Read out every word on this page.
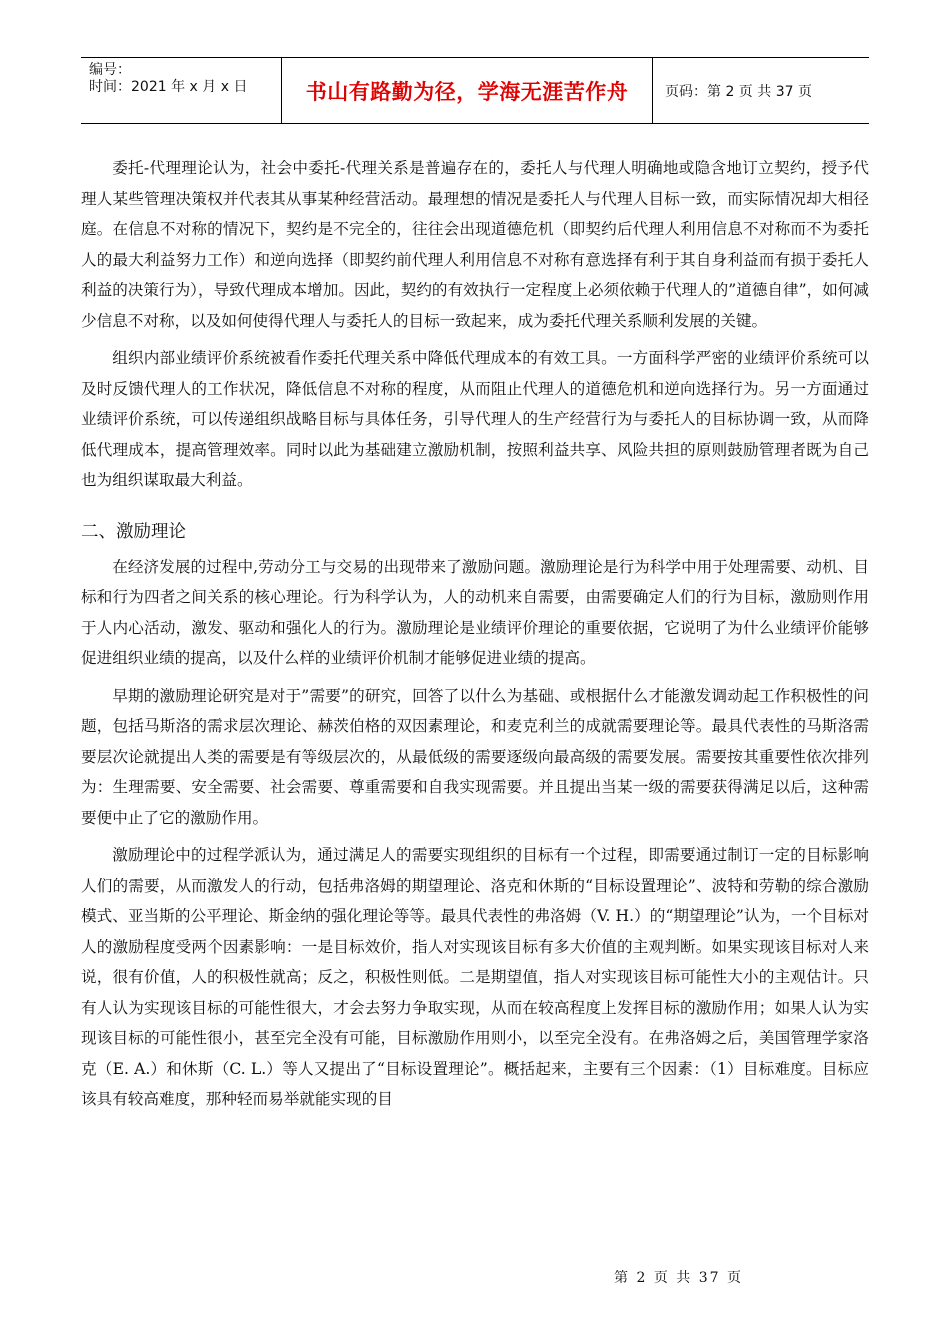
编号：
时间：2021 年 x 月 x 日	书山有路勤为径，学海无涯苦作舟	页码：第 2 页 共 37 页

委托-代理理论认为，社会中委托-代理关系是普遍存在的，委托人与代理人明确地或隐含地订立契约，授予代理人某些管理决策权并代表其从事某种经营活动。最理想的情况是委托人与代理人目标一致，而实际情况却大相径庭。在信息不对称的情况下，契约是不完全的，往往会出现道德危机（即契约后代理人利用信息不对称而不为委托人的最大利益努力工作）和逆向选择（即契约前代理人利用信息不对称有意选择有利于其自身利益而有损于委托人利益的决策行为），导致代理成本增加。因此，契约的有效执行一定程度上必须依赖于代理人的”道德自律”，如何减少信息不对称，以及如何使得代理人与委托人的目标一致起来，成为委托代理关系顺利发展的关键。

组织内部业绩评价系统被看作委托代理关系中降低代理成本的有效工具。一方面科学严密的业绩评价系统可以及时反馈代理人的工作状况，降低信息不对称的程度，从而阻止代理人的道德危机和逆向选择行为。另一方面通过业绩评价系统，可以传递组织战略目标与具体任务，引导代理人的生产经营行为与委托人的目标协调一致，从而降低代理成本，提高管理效率。同时以此为基础建立激励机制，按照利益共享、风险共担的原则鼓励管理者既为自己也为组织谋取最大利益。

二、激励理论

在经济发展的过程中,劳动分工与交易的出现带来了激励问题。激励理论是行为科学中用于处理需要、动机、目标和行为四者之间关系的核心理论。行为科学认为，人的动机来自需要，由需要确定人们的行为目标，激励则作用于人内心活动，激发、驱动和强化人的行为。激励理论是业绩评价理论的重要依据，它说明了为什么业绩评价能够促进组织业绩的提高，以及什么样的业绩评价机制才能够促进业绩的提高。

早期的激励理论研究是对于”需要”的研究，回答了以什么为基础、或根据什么才能激发调动起工作积极性的问题，包括马斯洛的需求层次理论、赫茨伯格的双因素理论，和麦克利兰的成就需要理论等。最具代表性的马斯洛需要层次论就提出人类的需要是有等级层次的，从最低级的需要逐级向最高级的需要发展。需要按其重要性依次排列为：生理需要、安全需要、社会需要、尊重需要和自我实现需要。并且提出当某一级的需要获得满足以后，这种需要便中止了它的激励作用。

激励理论中的过程学派认为，通过满足人的需要实现组织的目标有一个过程，即需要通过制订一定的目标影响人们的需要，从而激发人的行动，包括弗洛姆的期望理论、洛克和休斯的“目标设置理论”、波特和劳勒的综合激励模式、亚当斯的公平理论、斯金纳的强化理论等等。最具代表性的弗洛姆（V. H.）的“期望理论”认为，一个目标对人的激励程度受两个因素影响：一是目标效价，指人对实现该目标有多大价值的主观判断。如果实现该目标对人来说，很有价值，人的积极性就高；反之，积极性则低。二是期望值，指人对实现该目标可能性大小的主观估计。只有人认为实现该目标的可能性很大，才会去努力争取实现，从而在较高程度上发挥目标的激励作用；如果人认为实现该目标的可能性很小，甚至完全没有可能，目标激励作用则小，以至完全没有。在弗洛姆之后，美国管理学家洛克（E. A.）和休斯（C. L.）等人又提出了“目标设置理论”。概括起来，主要有三个因素：（1）目标难度。目标应该具有较高难度，那种轻而易举就能实现的目

第 2 页 共 37 页
